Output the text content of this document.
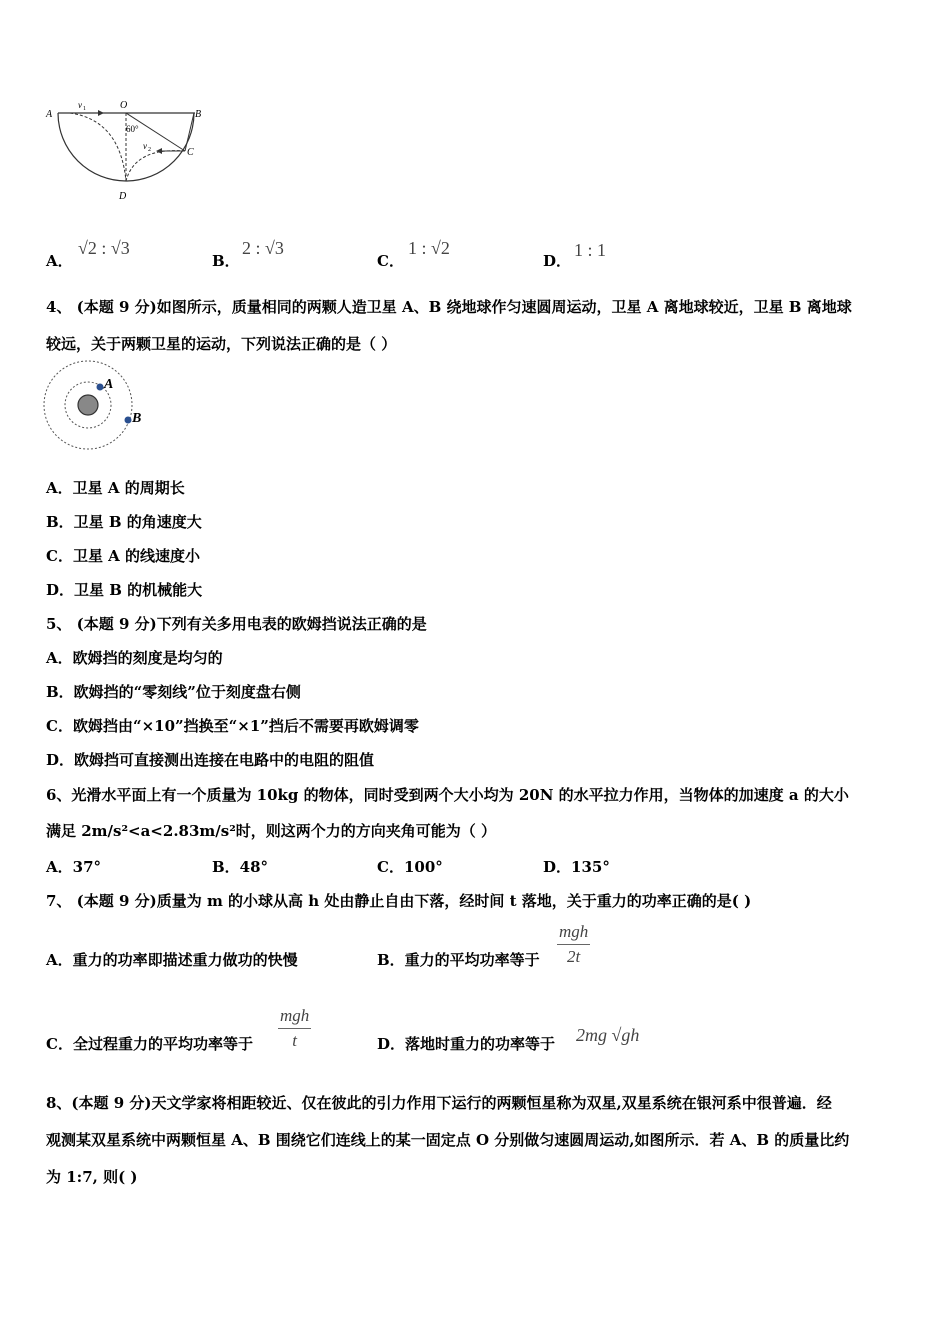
A
O
B
C
D
v 1
v 2
60°
A．
√2 : √3
B．
2 : √3
C．
1 : √2
D．
1 : 1
4、 (本题 9 分)如图所示，质量相同的两颗人造卫星 A、B 绕地球作匀速圆周运动，卫星 A 离地球较近，卫星 B 离地球
较远，关于两颗卫星的运动，下列说法正确的是（ ）
A
B
A．卫星 A 的周期长
B．卫星 B 的角速度大
C．卫星 A 的线速度小
D．卫星 B 的机械能大
5、 (本题 9 分)下列有关多用电表的欧姆挡说法正确的是
A．欧姆挡的刻度是均匀的
B．欧姆挡的“零刻线”位于刻度盘右侧
C．欧姆挡由“×10”挡换至“×1”挡后不需要再欧姆调零
D．欧姆挡可直接测出连接在电路中的电阻的阻值
6、光滑水平面上有一个质量为 10kg 的物体，同时受到两个大小均为 20N 的水平拉力作用，当物体的加速度 a 的大小
满足 2m/s²<a<2.83m/s²时，则这两个力的方向夹角可能为（ ）
A．37°	B．48°	C．100°	D．135°
7、 (本题 9 分)质量为 m 的小球从高 h 处由静止自由下落，经时间 t 落地，关于重力的功率正确的是( )
A．重力的功率即描述重力做功的快慢	B．重力的平均功率等于
mgh
2t
C．全过程重力的平均功率等于
mgh
t	D．落地时重力的功率等于 2mg √gh
8、(本题 9 分)天文学家将相距较近、仅在彼此的引力作用下运行的两颗恒星称为双星,双星系统在银河系中很普遍．经
观测某双星系统中两颗恒星 A、B 围绕它们连线上的某一固定点 O 分别做匀速圆周运动,如图所示．若 A、B 的质量比约
为 1:7, 则( )
